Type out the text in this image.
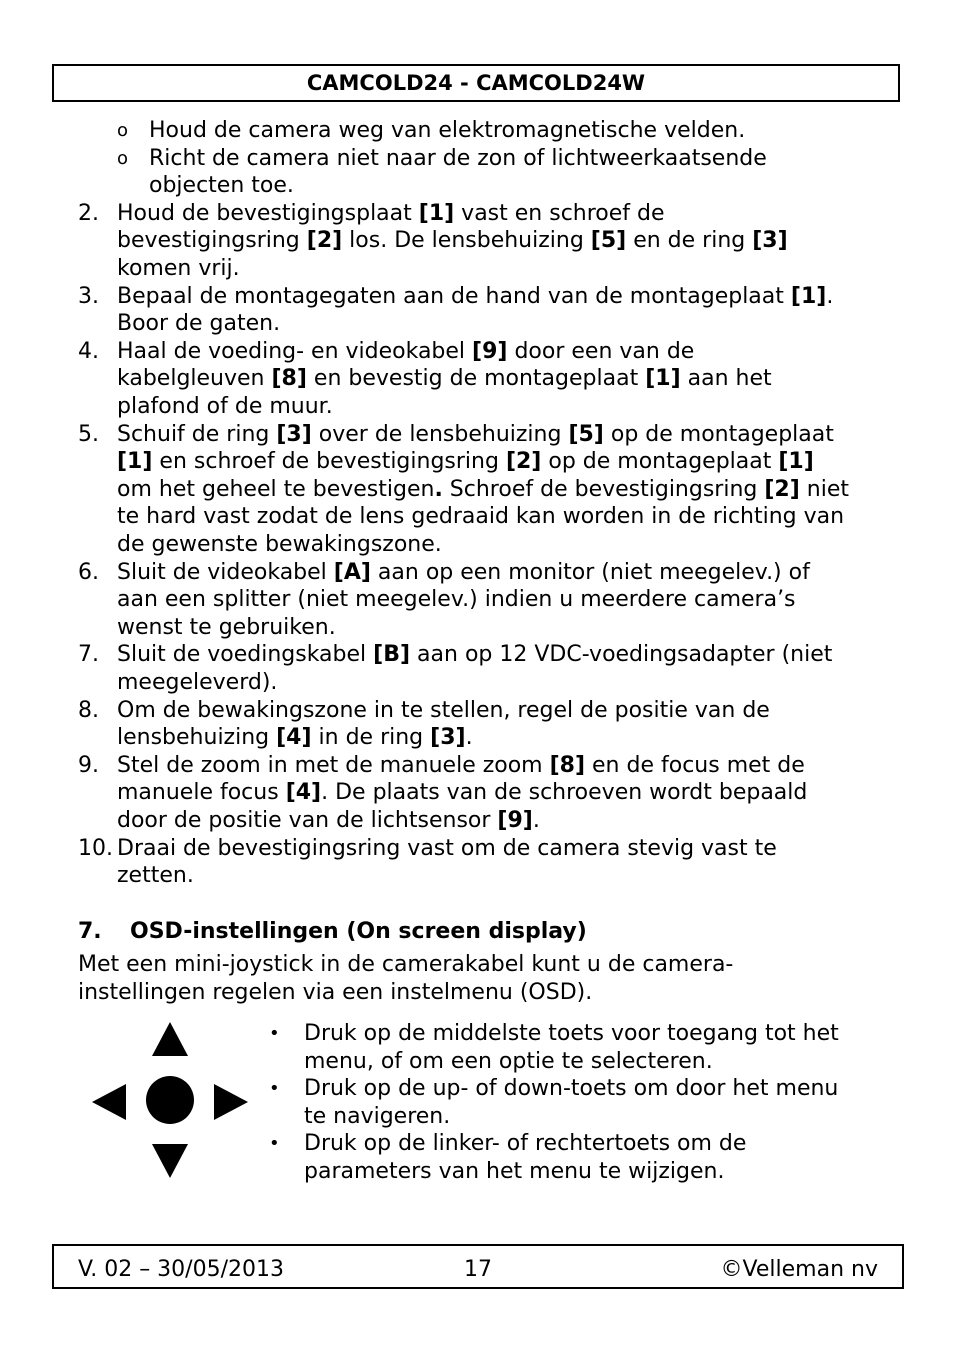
CAMCOLD24 - CAMCOLD24W
o Houd de camera weg van elektromagnetische velden.
o Richt de camera niet naar de zon of lichtweerkaatsende
objecten toe.
2. Houd de bevestigingsplaat [1] vast en schroef de
bevestigingsring [2] los. De lensbehuizing [5] en de ring [3]
komen vrij.
3. Bepaal de montagegaten aan de hand van de montageplaat [1].
Boor de gaten.
4. Haal de voeding- en videokabel [9] door een van de
kabelgleuven [8] en bevestig de montageplaat [1] aan het
plafond of de muur.
5. Schuif de ring [3] over de lensbehuizing [5] op de montageplaat
[1] en schroef de bevestigingsring [2] op de montageplaat [1]
om het geheel te bevestigen. Schroef de bevestigingsring [2] niet
te hard vast zodat de lens gedraaid kan worden in de richting van
de gewenste bewakingszone.
6. Sluit de videokabel [A] aan op een monitor (niet meegelev.) of
aan een splitter (niet meegelev.) indien u meerdere camera’s
wenst te gebruiken.
7. Sluit de voedingskabel [B] aan op 12 VDC-voedingsadapter (niet
meegeleverd).
8. Om de bewakingszone in te stellen, regel de positie van de
lensbehuizing [4] in de ring [3].
9. Stel de zoom in met de manuele zoom [8] en de focus met de
manuele focus [4]. De plaats van de schroeven wordt bepaald
door de positie van de lichtsensor [9].
10. Draai de bevestigingsring vast om de camera stevig vast te
zetten.
Met een mini-joystick in de camerakabel kunt u de camera-
instellingen regelen via een instelmenu (OSD).
• Druk op de middelste toets voor toegang tot het
menu, of om een optie te selecteren.
• Druk op de up- of down-toets om door het menu
te navigeren.
• Druk op de linker- of rechtertoets om de
parameters van het menu te wijzigen.
7. OSD-instellingen (On screen display)
V. 02 – 30/05/2013	17	©Velleman nv
